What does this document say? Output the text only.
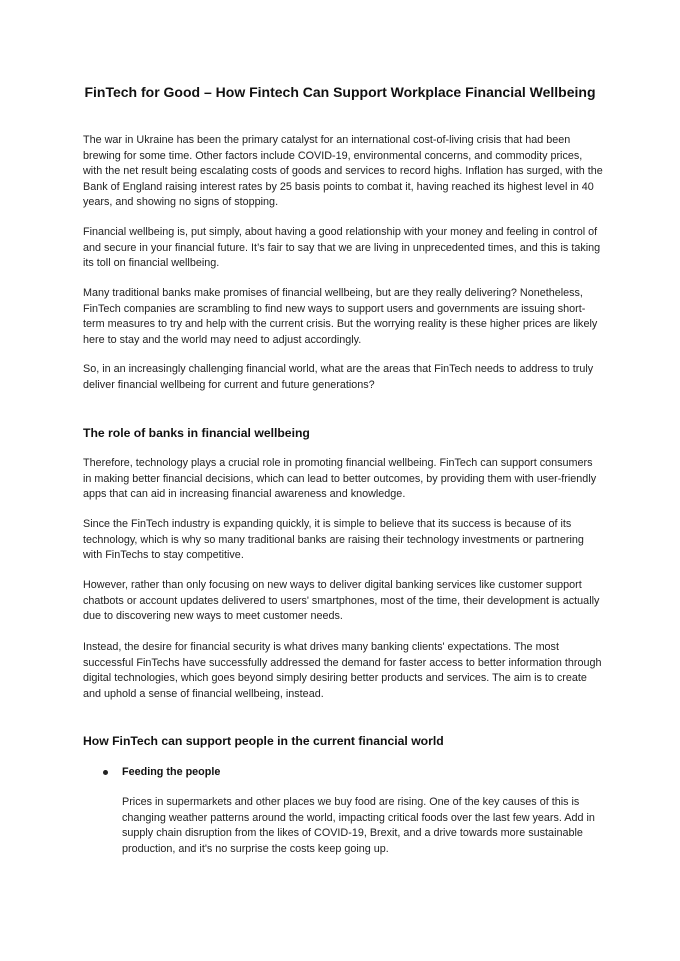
FinTech for Good – How Fintech Can Support Workplace Financial Wellbeing

The war in Ukraine has been the primary catalyst for an international cost-of-living crisis that had been brewing for some time. Other factors include COVID-19, environmental concerns, and commodity prices, with the net result being escalating costs of goods and services to record highs. Inflation has surged, with the Bank of England raising interest rates by 25 basis points to combat it, having reached its highest level in 40 years, and showing no signs of stopping.

Financial wellbeing is, put simply, about having a good relationship with your money and feeling in control of and secure in your financial future. It’s fair to say that we are living in unprecedented times, and this is taking its toll on financial wellbeing.

Many traditional banks make promises of financial wellbeing, but are they really delivering? Nonetheless, FinTech companies are scrambling to find new ways to support users and governments are issuing short-term measures to try and help with the current crisis. But the worrying reality is these higher prices are likely here to stay and the world may need to adjust accordingly.

So, in an increasingly challenging financial world, what are the areas that FinTech needs to address to truly deliver financial wellbeing for current and future generations?

The role of banks in financial wellbeing

Therefore, technology plays a crucial role in promoting financial wellbeing. FinTech can support consumers in making better financial decisions, which can lead to better outcomes, by providing them with user-friendly apps that can aid in increasing financial awareness and knowledge.

Since the FinTech industry is expanding quickly, it is simple to believe that its success is because of its technology, which is why so many traditional banks are raising their technology investments or partnering with FinTechs to stay competitive.

However, rather than only focusing on new ways to deliver digital banking services like customer support chatbots or account updates delivered to users' smartphones, most of the time, their development is actually due to discovering new ways to meet customer needs.

Instead, the desire for financial security is what drives many banking clients' expectations. The most successful FinTechs have successfully addressed the demand for faster access to better information through digital technologies, which goes beyond simply desiring better products and services. The aim is to create and uphold a sense of financial wellbeing, instead.

How FinTech can support people in the current financial world
Feeding the people

Prices in supermarkets and other places we buy food are rising. One of the key causes of this is changing weather patterns around the world, impacting critical foods over the last few years. Add in supply chain disruption from the likes of COVID-19, Brexit, and a drive towards more sustainable production, and it's no surprise the costs keep going up.
